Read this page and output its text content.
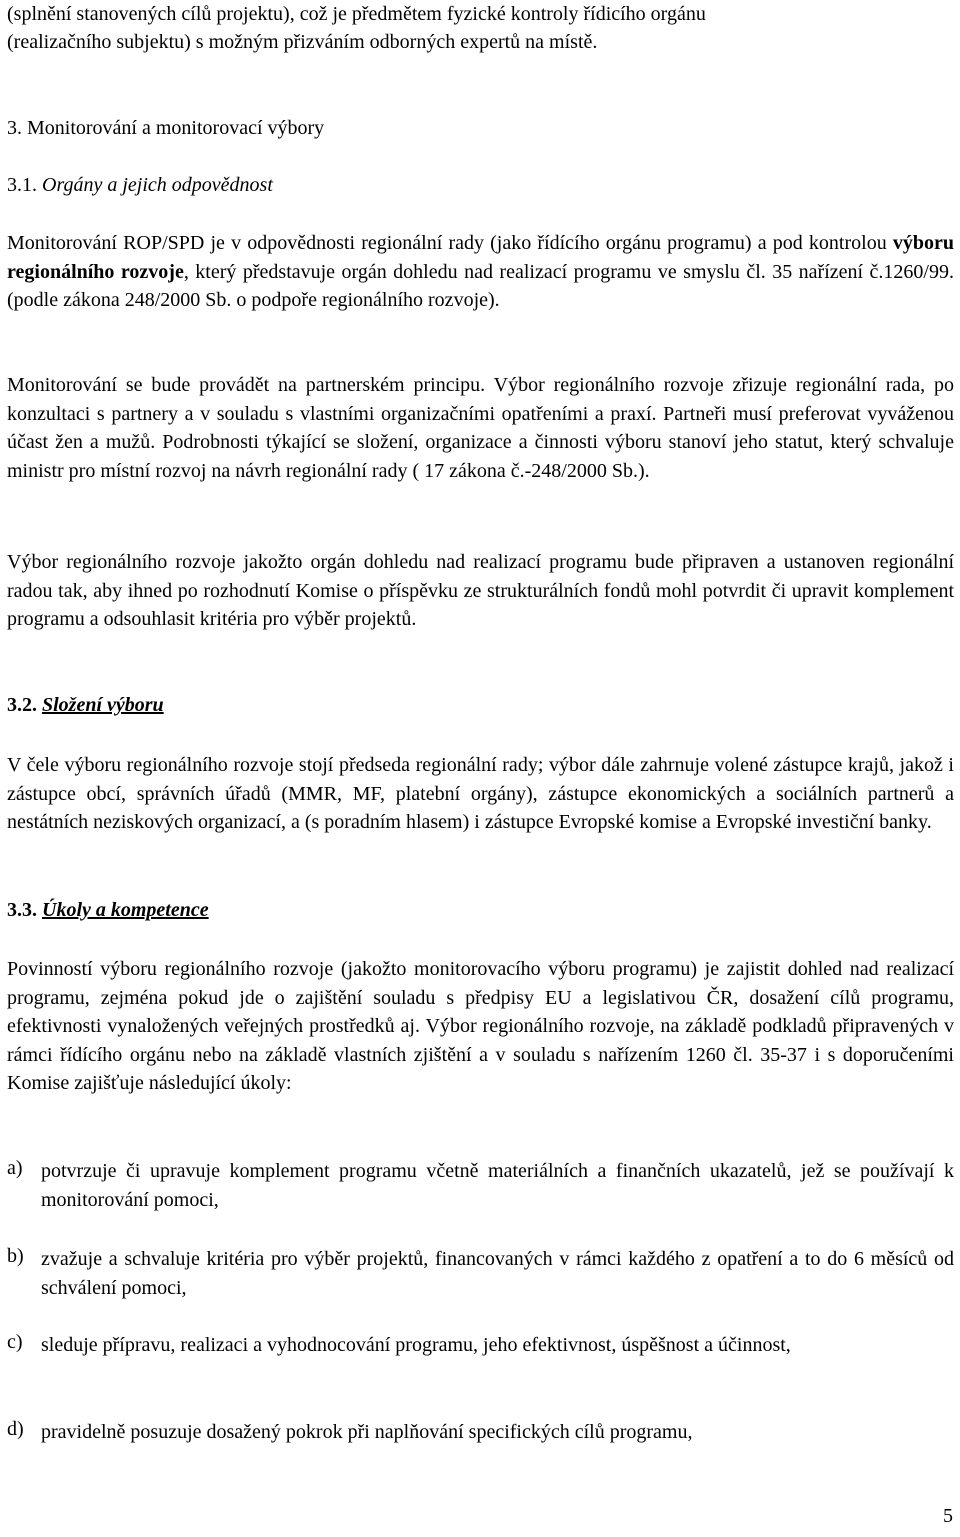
(splnění stanovených cílů projektu), což je předmětem fyzické kontroly řídicího orgánu

(realizačního subjektu) s možným přizváním odborných expertů na místě.

3. Monitorování a monitorovací výbory

3.1. Orgány a jejich odpovědnost

Monitorování ROP/SPD je v odpovědnosti regionální rady (jako řídícího orgánu programu) a pod kontrolou výboru regionálního rozvoje, který představuje orgán dohledu nad realizací programu ve smyslu čl. 35 nařízení č.1260/99.(podle zákona 248/2000 Sb. o podpoře regionálního rozvoje).

Monitorování se bude provádět na partnerském principu. Výbor regionálního rozvoje zřizuje regionální rada, po konzultaci s partnery a v souladu s vlastními organizačními opatřeními a praxí. Partneři musí preferovat vyváženou účast žen a mužů. Podrobnosti týkající se složení, organizace a činnosti výboru stanoví jeho statut, který schvaluje ministr pro místní rozvoj na návrh regionální rady ( 17 zákona č.-248/2000 Sb.).

Výbor regionálního rozvoje jakožto orgán dohledu nad realizací programu bude připraven a ustanoven regionální radou tak, aby ihned po rozhodnutí Komise o příspěvku ze strukturálních fondů mohl potvrdit či upravit komplement programu a odsouhlasit kritéria pro výběr projektů.

3.2. Složení výboru

V čele výboru regionálního rozvoje stojí předseda regionální rady; výbor dále zahrnuje volené zástupce krajů, jakož i zástupce obcí, správních úřadů (MMR, MF, platební orgány), zástupce ekonomických a sociálních partnerů a nestátních neziskových organizací, a (s poradním hlasem) i zástupce Evropské komise a Evropské investiční banky.

3.3. Úkoly a kompetence

Povinností výboru regionálního rozvoje (jakožto monitorovacího výboru programu) je zajistit dohled nad realizací programu, zejména pokud jde o zajištění souladu s předpisy EU a legislativou ČR, dosažení cílů programu, efektivnosti vynaložených veřejných prostředků aj. Výbor regionálního rozvoje, na základě podkladů připravených v rámci řídícího orgánu nebo na základě vlastních zjištění a v souladu s nařízením 1260 čl. 35-37 i s doporučeními Komise zajišťuje následující úkoly:

a) potvrzuje či upravuje komplement programu včetně materiálních a finančních ukazatelů, jež se používají k monitorování pomoci,

b) zvažuje a schvaluje kritéria pro výběr projektů, financovaných v rámci každého z opatření a to do 6 měsíců od schválení pomoci,

c) sleduje přípravu, realizaci a vyhodnocování programu, jeho efektivnost, úspěšnost a účinnost,

d) pravidelně posuzuje dosažený pokrok při naplňování specifických cílů programu,

5
